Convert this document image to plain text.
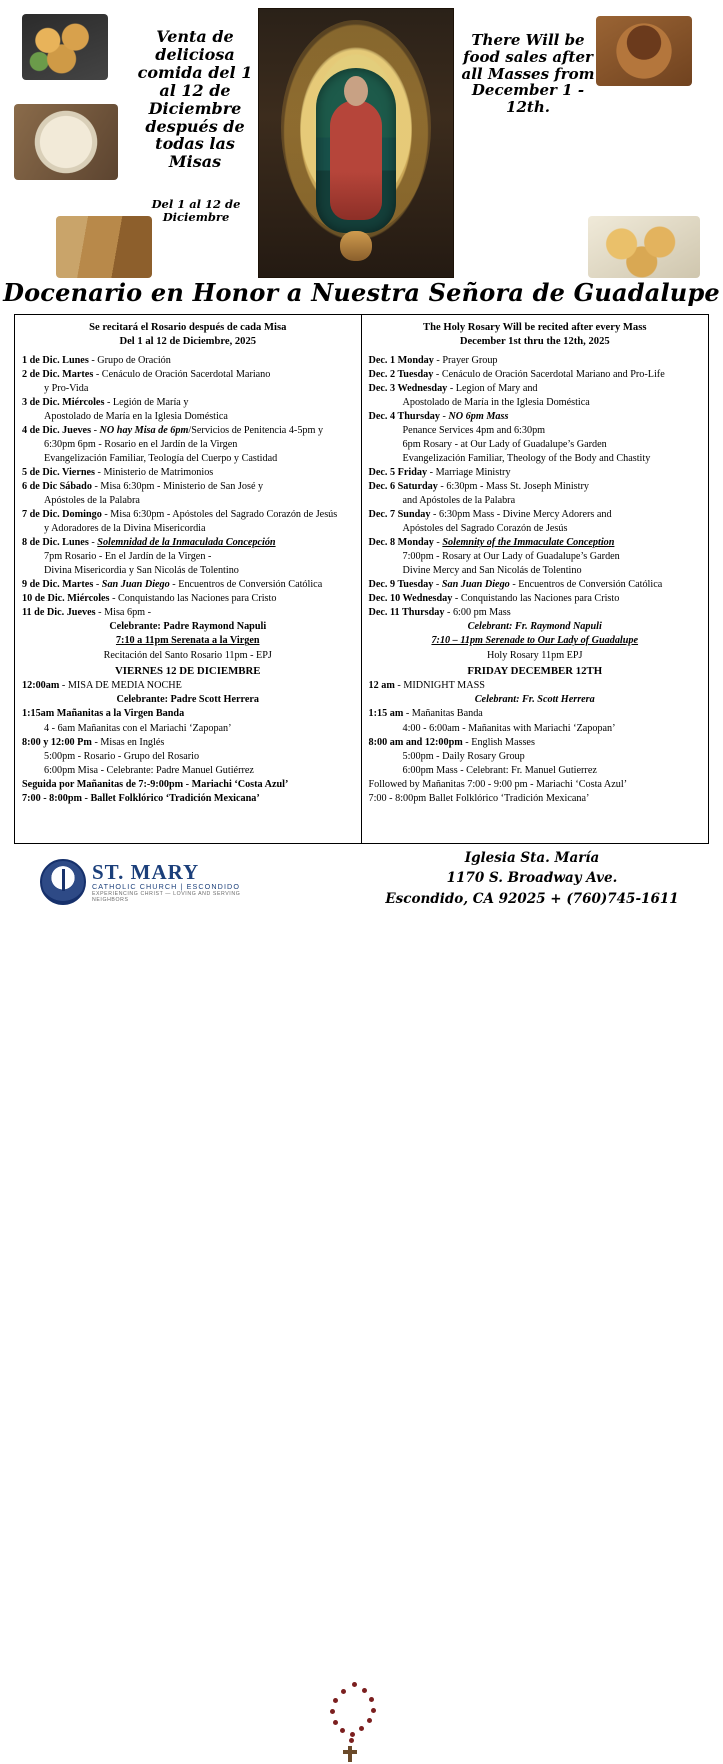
Venta de deliciosa comida del 1 al 12 de Diciembre después de todas las Misas
Del 1 al 12 de Diciembre
There Will be food sales after all Masses from December 1 - 12th.
Docenario en Honor a Nuestra Señora de Guadalupe
Se recitará el Rosario después de cada Misa
Del 1 al 12 de Diciembre, 2025
1 de Dic. Lunes - Grupo de Oración
2 de Dic. Martes - Cenáculo de Oración Sacerdotal Mariano
y Pro-Vida
3 de Dic. Miércoles - Legión de María y
Apostolado de María en la Iglesia Doméstica
4 de Dic. Jueves - NO hay Misa de 6pm/Servicios de Penitencia 4-5pm y
6:30pm 6pm - Rosario en el Jardín de la Virgen
Evangelización Familiar, Teología del Cuerpo y Castidad
5 de Dic. Viernes - Ministerio de Matrimonios
6 de Dic Sábado - Misa 6:30pm - Ministerio de San José y
Apóstoles de la Palabra
7 de Dic. Domingo - Misa 6:30pm - Apóstoles del Sagrado Corazón de Jesús
y Adoradores de la Divina Misericordia
8 de Dic. Lunes - Solemnidad de la Inmaculada Concepción
7pm Rosario - En el Jardín de la Virgen -
Divina Misericordia y San Nicolás de Tolentino
9 de Dic. Martes - San Juan Diego - Encuentros de Conversión Católica
10 de Dic. Miércoles - Conquistando las Naciones para Cristo
11 de Dic. Jueves - Misa 6pm -
Celebrante: Padre Raymond Napuli
7:10 a 11pm Serenata a la Virgen
Recitación del Santo Rosario 11pm - EPJ
VIERNES 12 DE DICIEMBRE
12:00am - MISA DE MEDIA NOCHE
Celebrante: Padre Scott Herrera
1:15am Mañanitas a la Virgen Banda
4 - 6am Mañanitas con el Mariachi ‘Zapopan’
8:00 y 12:00 Pm - Misas en Inglés
5:00pm - Rosario - Grupo del Rosario
6:00pm Misa - Celebrante: Padre Manuel Gutiérrez
Seguida por Mañanitas de 7:-9:00pm - Mariachi ‘Costa Azul’
7:00 - 8:00pm - Ballet Folklórico ‘Tradición Mexicana’
The Holy Rosary Will be recited after every Mass
December 1st thru the 12th, 2025
Dec. 1 Monday - Prayer Group
Dec. 2 Tuesday - Cenáculo de Oración Sacerdotal Mariano and Pro-Life
Dec. 3 Wednesday - Legion of Mary and
Apostolado de María in the Iglesia Doméstica
Dec. 4 Thursday - NO 6pm Mass
Penance Services 4pm and 6:30pm
6pm Rosary - at Our Lady of Guadalupe’s Garden
Evangelización Familiar, Theology of the Body and Chastity
Dec. 5 Friday - Marriage Ministry
Dec. 6 Saturday - 6:30pm - Mass St. Joseph Ministry
and Apóstoles de la Palabra
Dec. 7 Sunday - 6:30pm Mass - Divine Mercy Adorers and
Apóstoles del Sagrado Corazón de Jesús
Dec. 8 Monday - Solemnity of the Immaculate Conception
7:00pm - Rosary at Our Lady of Guadalupe’s Garden
Divine Mercy and San Nicolás de Tolentino
Dec. 9 Tuesday - San Juan Diego - Encuentros de Conversión Católica
Dec. 10 Wednesday - Conquistando las Naciones para Cristo
Dec. 11 Thursday - 6:00 pm Mass
Celebrant: Fr. Raymond Napuli
7:10 – 11pm Serenade to Our Lady of Guadalupe
Holy Rosary 11pm EPJ
FRIDAY DECEMBER 12TH
12 am - MIDNIGHT MASS
Celebrant: Fr. Scott Herrera
1:15 am - Mañanitas Banda
4:00 - 6:00am - Mañanitas with Mariachi ‘Zapopan’
8:00 am and 12:00pm - English Masses
5:00pm - Daily Rosary Group
6:00pm Mass - Celebrant: Fr. Manuel Gutierrez
Followed by Mañanitas 7:00 - 9:00 pm - Mariachi ‘Costa Azul’
7:00 - 8:00pm Ballet Folklórico ‘Tradición Mexicana’
ST. MARY
CATHOLIC CHURCH | ESCONDIDO
EXPERIENCING CHRIST — LOVING AND SERVING NEIGHBORS
Iglesia Sta. María
1170 S. Broadway Ave.
Escondido, CA 92025 + (760)745-1611
